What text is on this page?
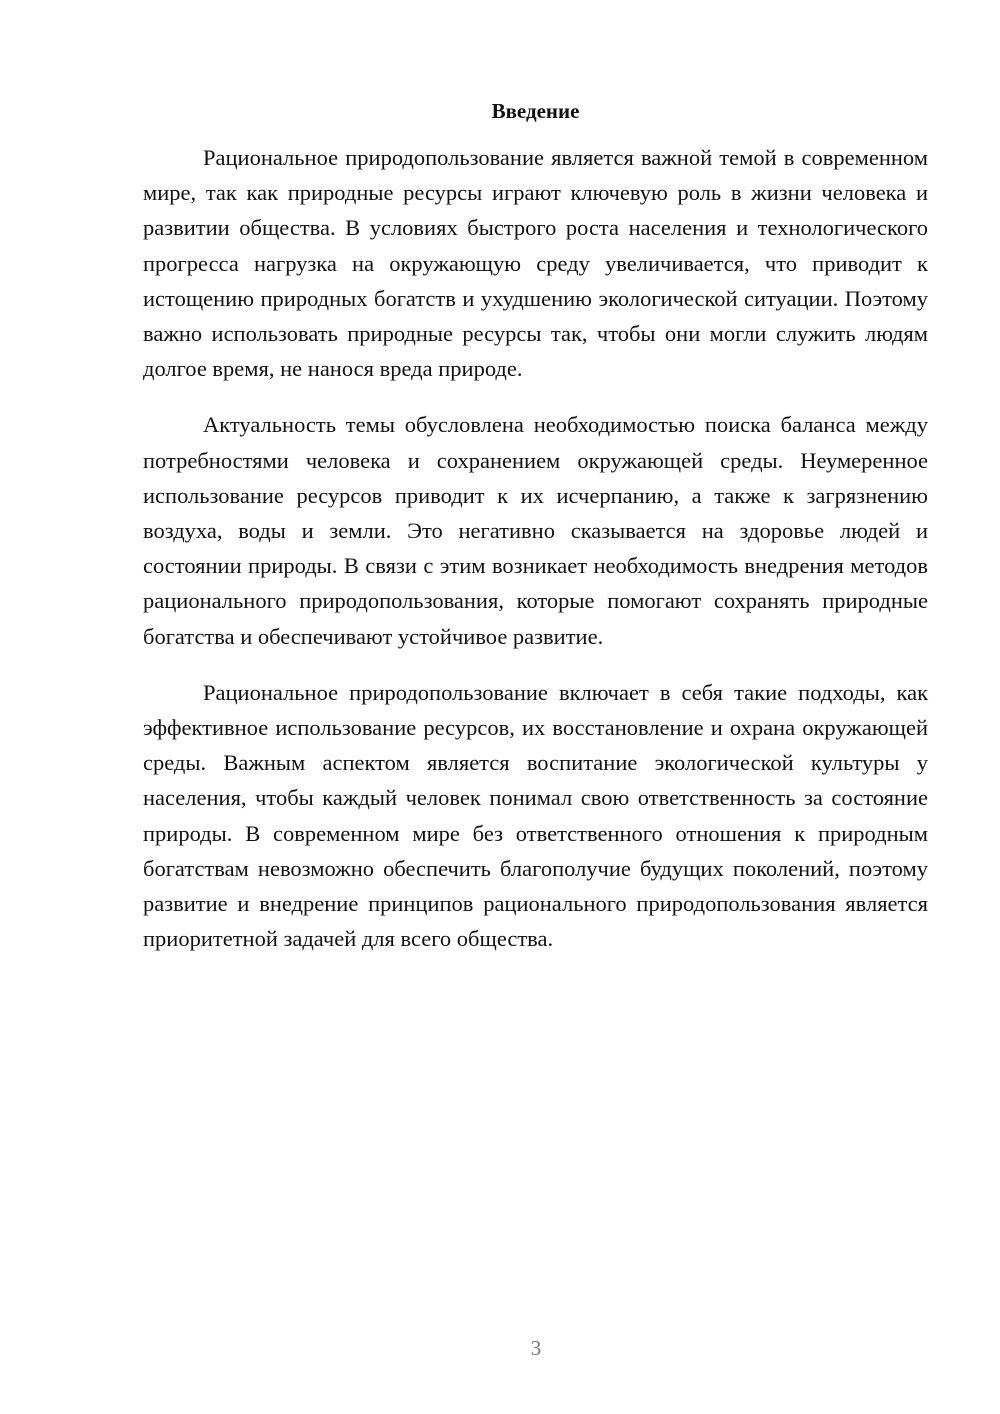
Введение

Рациональное природопользование является важной темой в современном мире, так как природные ресурсы играют ключевую роль в жизни человека и развитии общества. В условиях быстрого роста населения и технологического прогресса нагрузка на окружающую среду увеличивается, что приводит к истощению природных богатств и ухудшению экологической ситуации. Поэтому важно использовать природные ресурсы так, чтобы они могли служить людям долгое время, не нанося вреда природе.

Актуальность темы обусловлена необходимостью поиска баланса между потребностями человека и сохранением окружающей среды. Неумеренное использование ресурсов приводит к их исчерпанию, а также к загрязнению воздуха, воды и земли. Это негативно сказывается на здоровье людей и состоянии природы. В связи с этим возникает необходимость внедрения методов рационального природопользования, которые помогают сохранять природные богатства и обеспечивают устойчивое развитие.

Рациональное природопользование включает в себя такие подходы, как эффективное использование ресурсов, их восстановление и охрана окружающей среды. Важным аспектом является воспитание экологической культуры у населения, чтобы каждый человек понимал свою ответственность за состояние природы. В современном мире без ответственного отношения к природным богатствам невозможно обеспечить благополучие будущих поколений, поэтому развитие и внедрение принципов рационального природопользования является приоритетной задачей для всего общества.

3
